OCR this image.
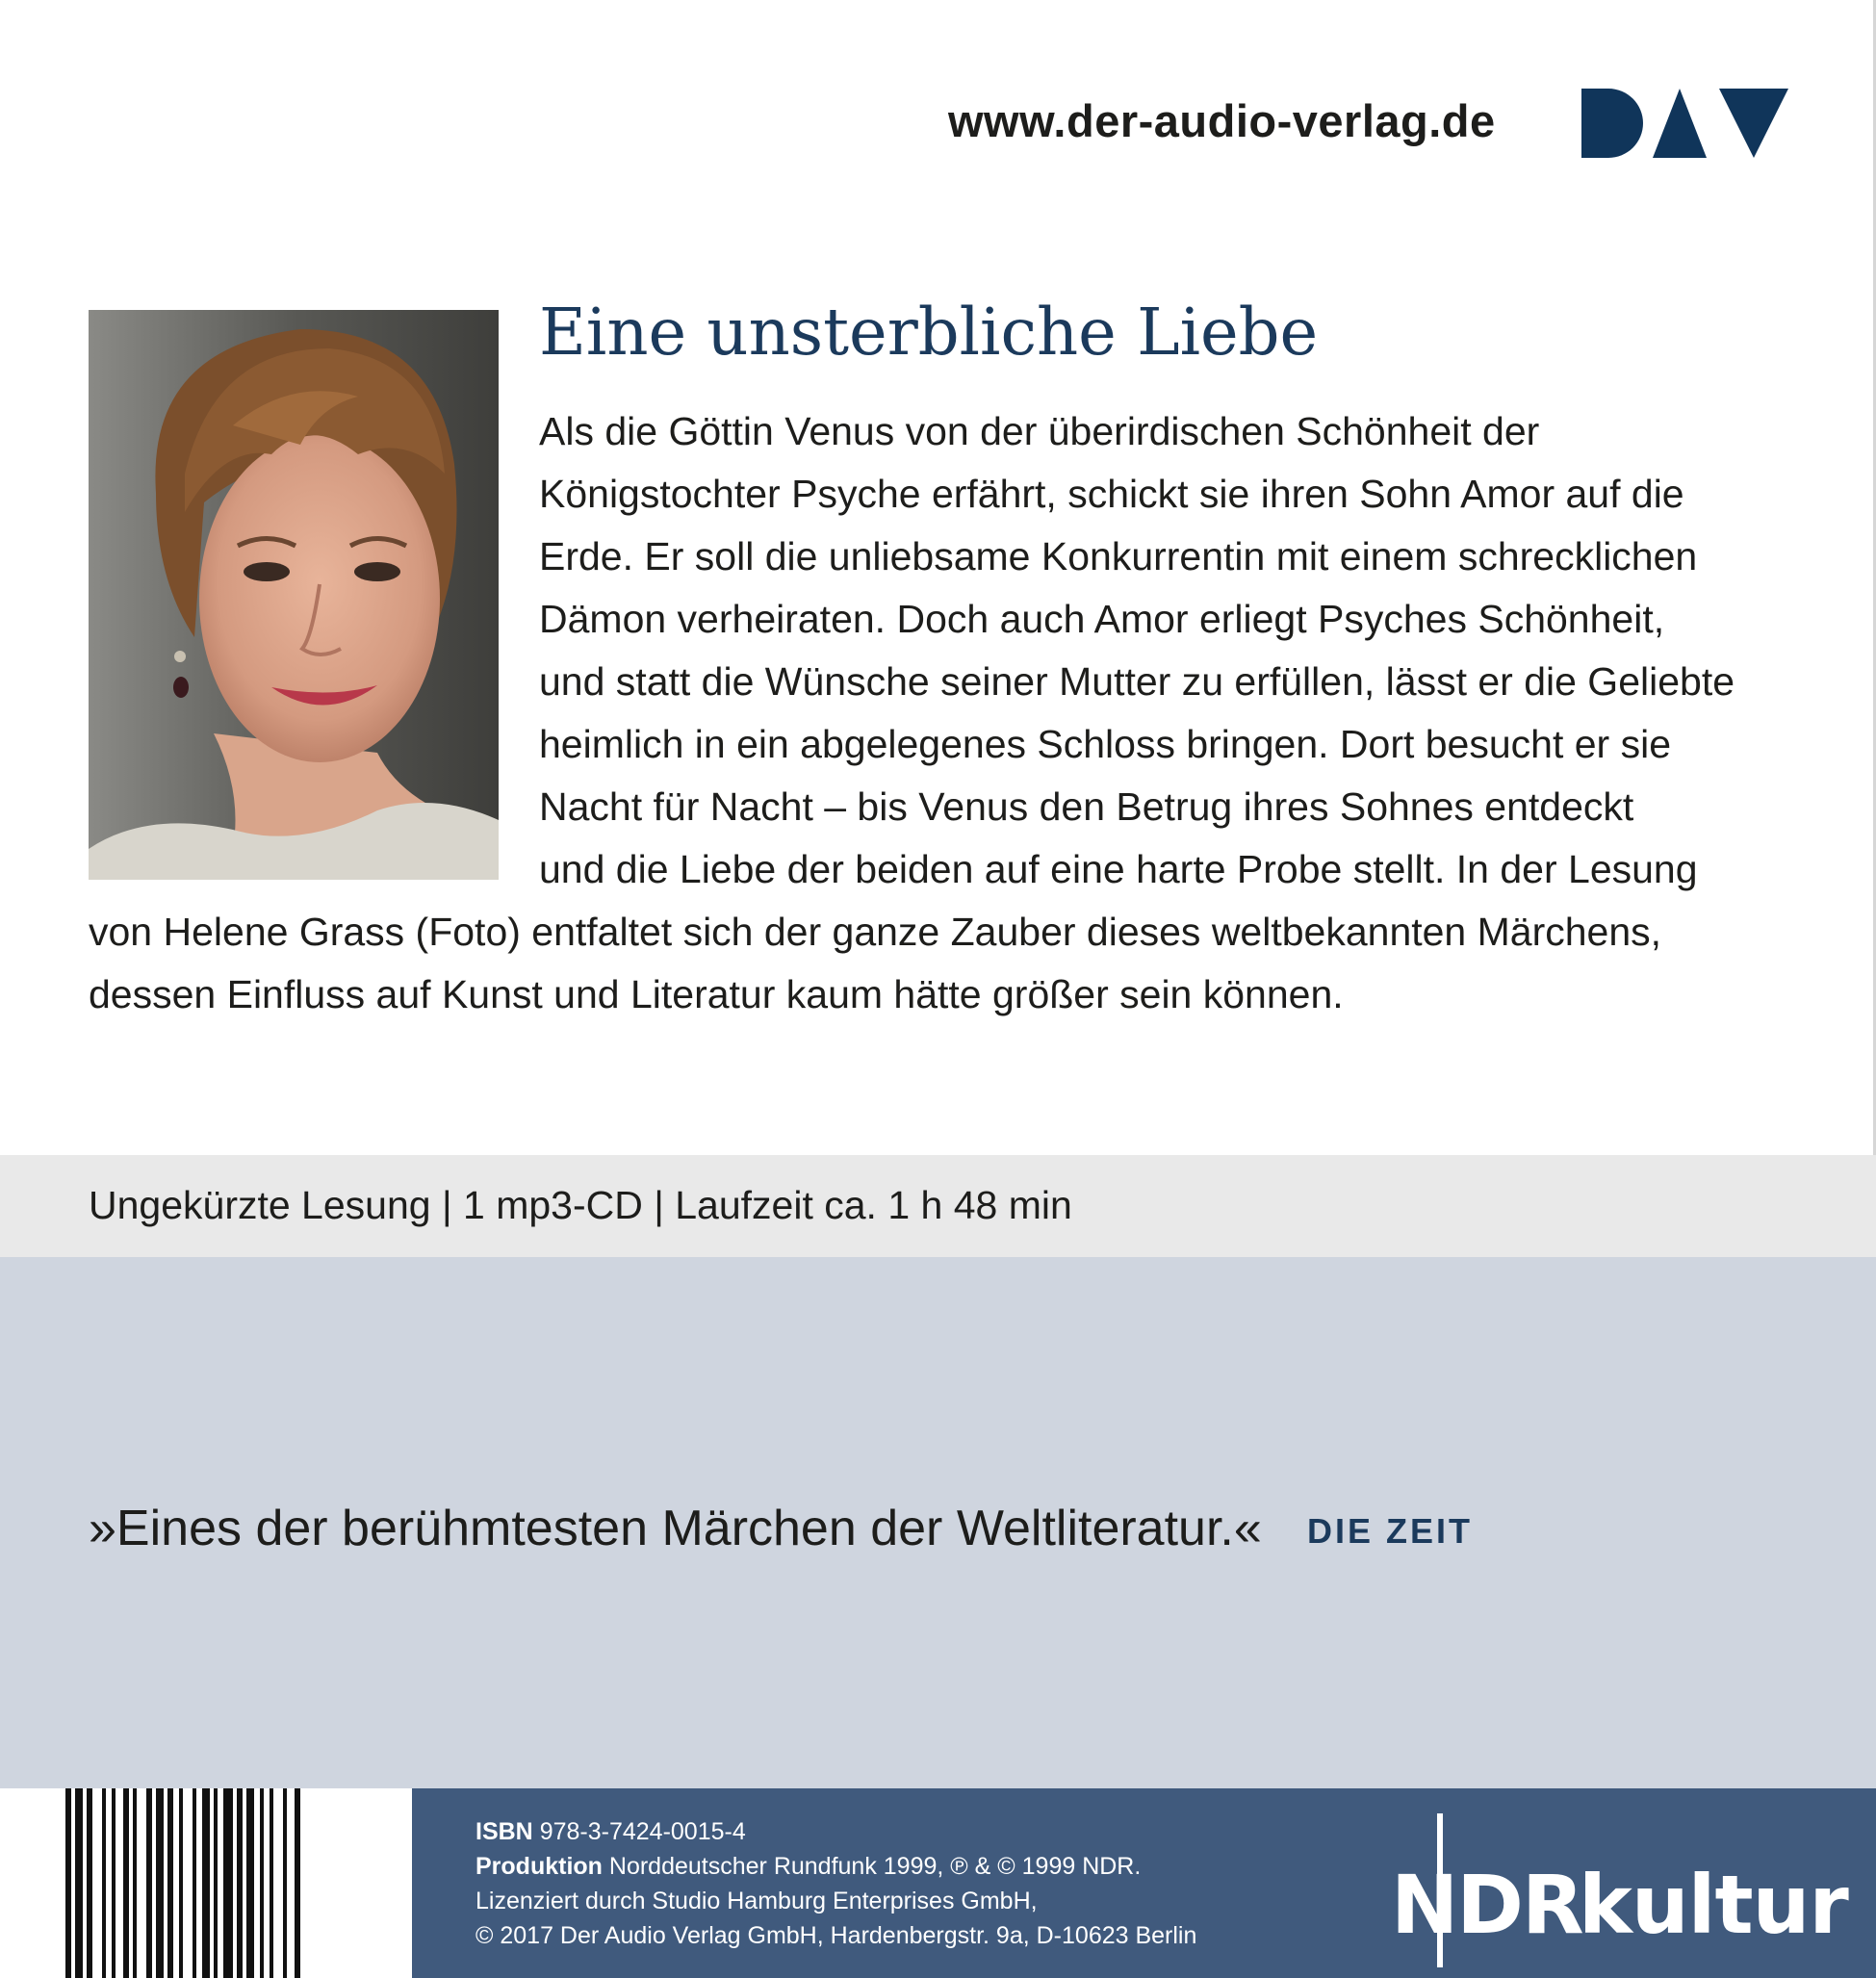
www.der-audio-verlag.de
Eine unsterbliche Liebe
Als die Göttin Venus von der überirdischen Schönheit der
Königstochter Psyche erfährt, schickt sie ihren Sohn Amor auf die
Erde. Er soll die unliebsame Konkurrentin mit einem schrecklichen
Dämon verheiraten. Doch auch Amor erliegt Psyches Schönheit,
und statt die Wünsche seiner Mutter zu erfüllen, lässt er die Geliebte
heimlich in ein abgelegenes Schloss bringen. Dort besucht er sie
Nacht für Nacht – bis Venus den Betrug ihres Sohnes entdeckt
und die Liebe der beiden auf eine harte Probe stellt. In der Lesung
von Helene Grass (Foto) entfaltet sich der ganze Zauber dieses weltbekannten Märchens,
dessen Einfluss auf Kunst und Literatur kaum hätte größer sein können.
Ungekürzte Lesung | 1 mp3-CD | Laufzeit ca. 1 h 48 min
»Eines der berühmtesten Märchen der Weltliteratur.« DIE ZEIT
ISBN 978-3-7424-0015-4
Produktion Norddeutscher Rundfunk 1999, ℗ & © 1999 NDR.
Lizenziert durch Studio Hamburg Enterprises GmbH,
© 2017 Der Audio Verlag GmbH, Hardenbergstr. 9a, D-10623 Berlin NDR
kultur
